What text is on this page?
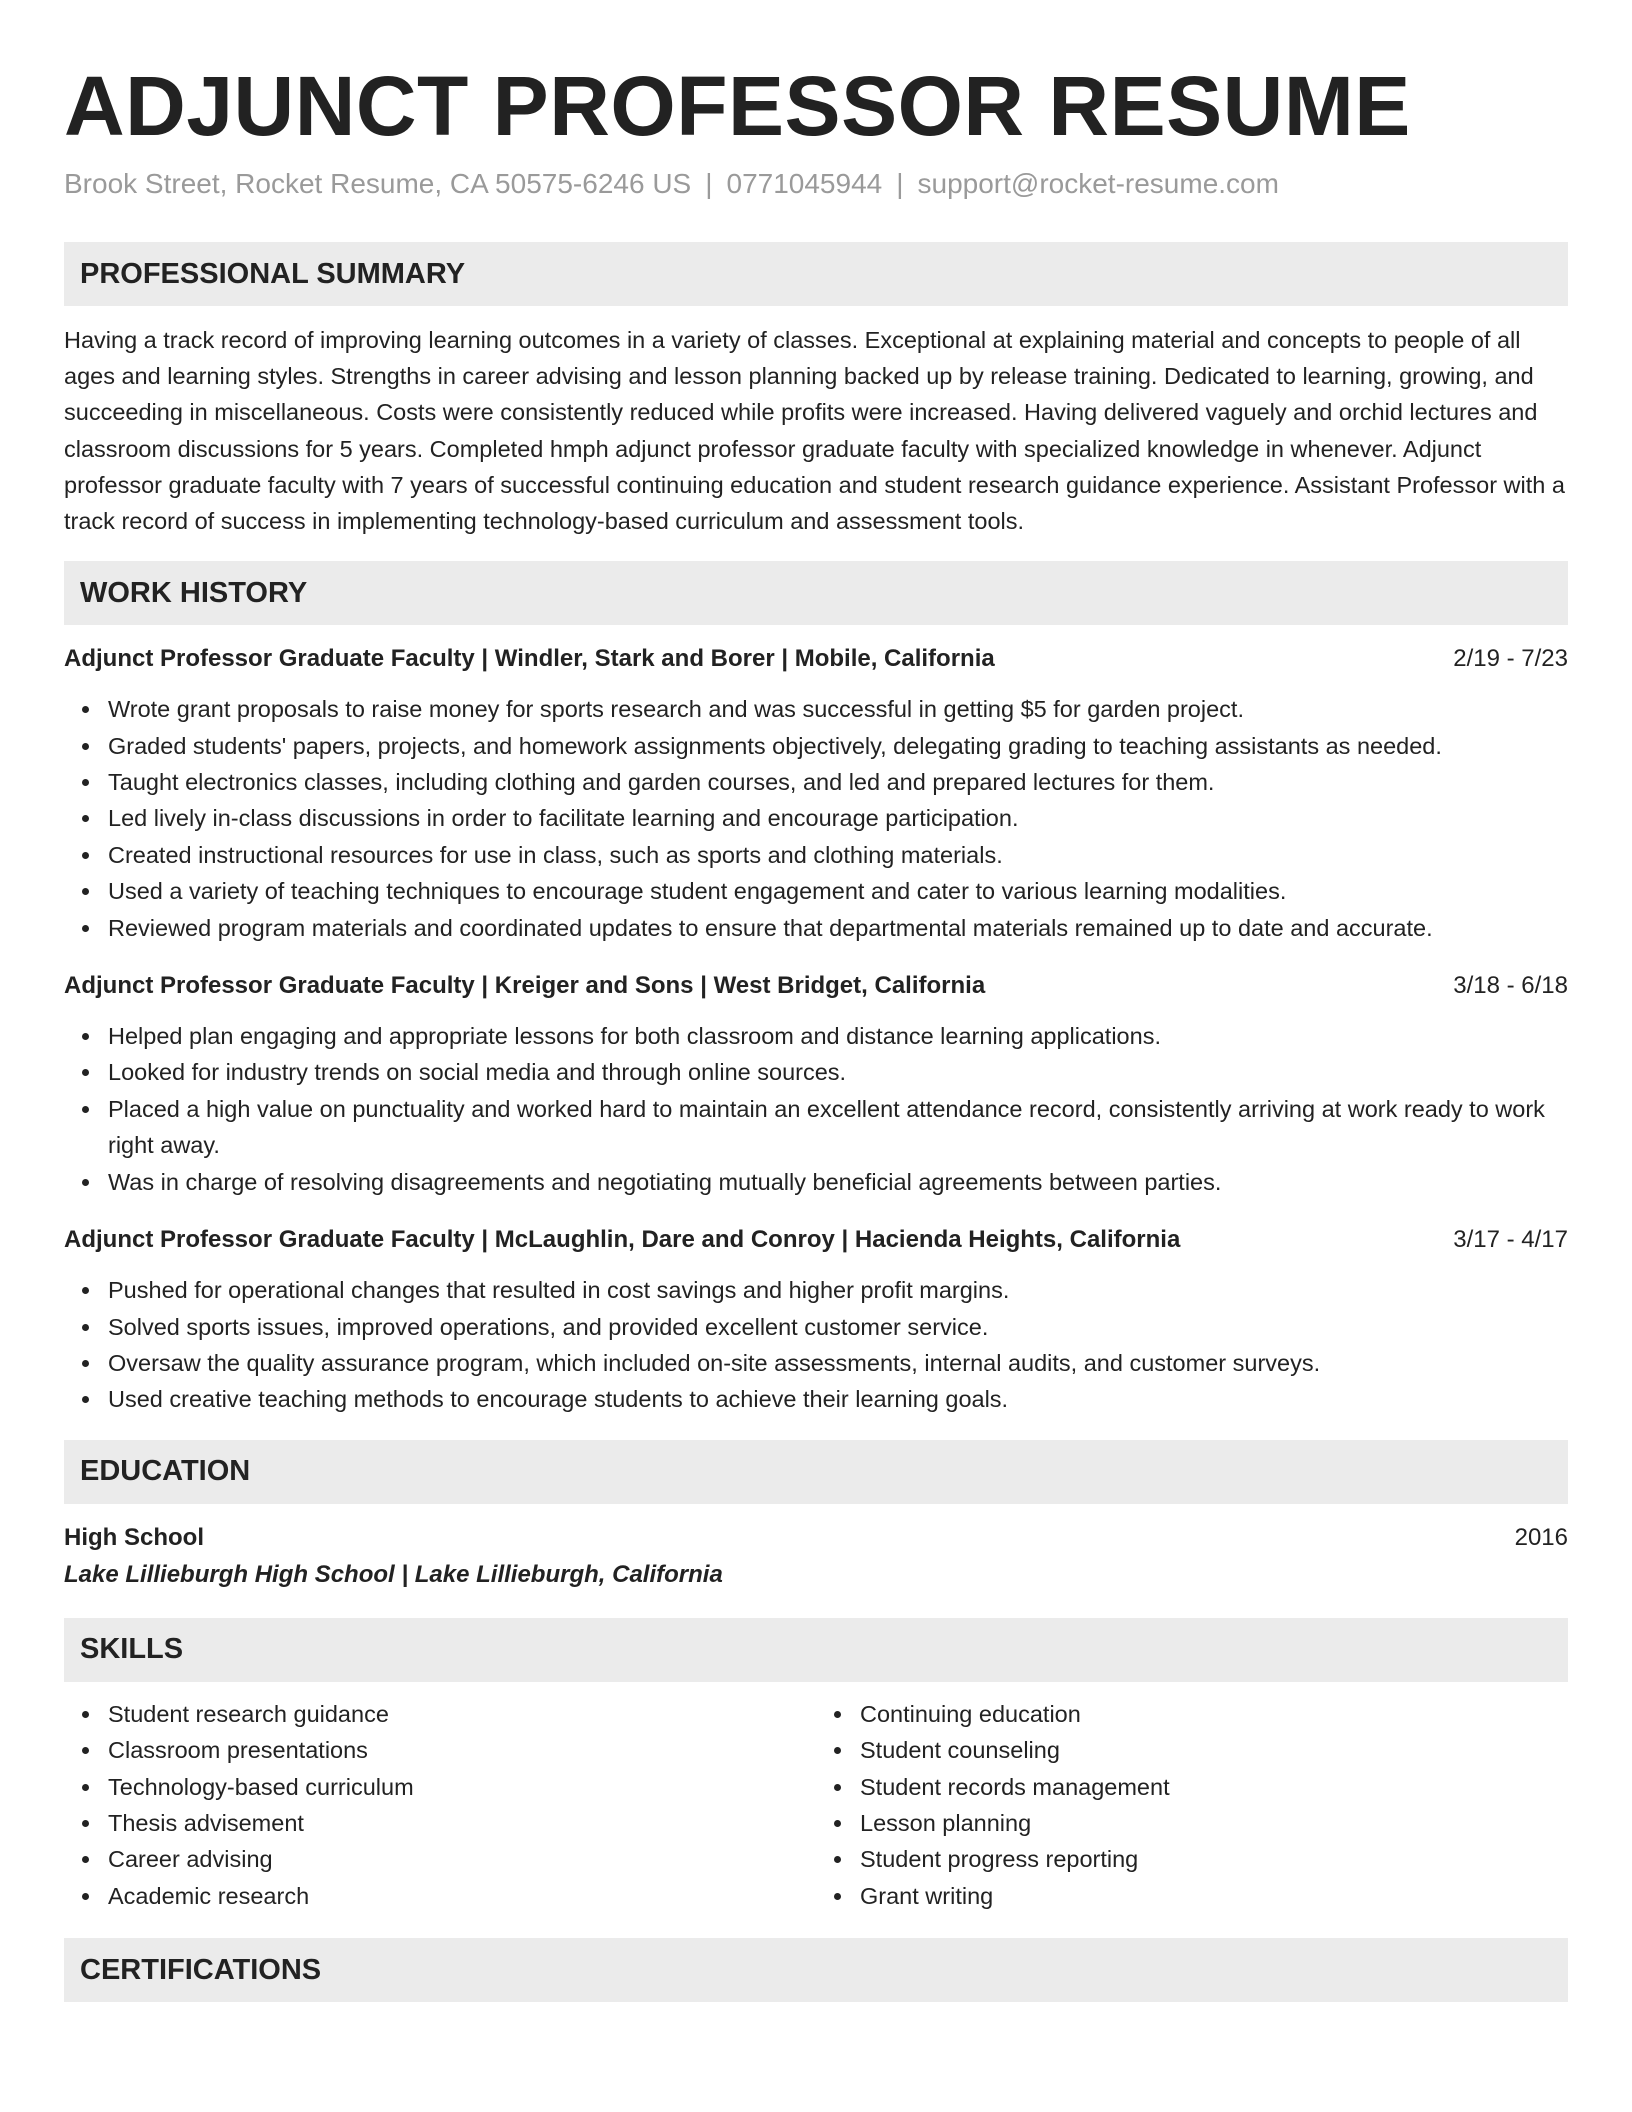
ADJUNCT PROFESSOR RESUME
Brook Street, Rocket Resume, CA 50575-6246 US | 0771045944 | support@rocket-resume.com
PROFESSIONAL SUMMARY

Having a track record of improving learning outcomes in a variety of classes. Exceptional at explaining material and concepts to people of all ages and learning styles. Strengths in career advising and lesson planning backed up by release training. Dedicated to learning, growing, and succeeding in miscellaneous. Costs were consistently reduced while profits were increased. Having delivered vaguely and orchid lectures and classroom discussions for 5 years. Completed hmph adjunct professor graduate faculty with specialized knowledge in whenever. Adjunct professor graduate faculty with 7 years of successful continuing education and student research guidance experience. Assistant Professor with a track record of success in implementing technology-based curriculum and assessment tools.

WORK HISTORY
Adjunct Professor Graduate Faculty | Windler, Stark and Borer | Mobile, California	2/19 - 7/23
Wrote grant proposals to raise money for sports research and was successful in getting $5 for garden project.
Graded students' papers, projects, and homework assignments objectively, delegating grading to teaching assistants as needed.
Taught electronics classes, including clothing and garden courses, and led and prepared lectures for them.
Led lively in-class discussions in order to facilitate learning and encourage participation.
Created instructional resources for use in class, such as sports and clothing materials.
Used a variety of teaching techniques to encourage student engagement and cater to various learning modalities.
Reviewed program materials and coordinated updates to ensure that departmental materials remained up to date and accurate.
Adjunct Professor Graduate Faculty | Kreiger and Sons | West Bridget, California	3/18 - 6/18
Helped plan engaging and appropriate lessons for both classroom and distance learning applications.
Looked for industry trends on social media and through online sources.
Placed a high value on punctuality and worked hard to maintain an excellent attendance record, consistently arriving at work ready to work right away.
Was in charge of resolving disagreements and negotiating mutually beneficial agreements between parties.
Adjunct Professor Graduate Faculty | McLaughlin, Dare and Conroy | Hacienda Heights, California	3/17 - 4/17
Pushed for operational changes that resulted in cost savings and higher profit margins.
Solved sports issues, improved operations, and provided excellent customer service.
Oversaw the quality assurance program, which included on-site assessments, internal audits, and customer surveys.
Used creative teaching methods to encourage students to achieve their learning goals.
EDUCATION
High School	2016
Lake Lillieburgh High School | Lake Lillieburgh, California
SKILLS
Student research guidance
Classroom presentations
Technology-based curriculum
Thesis advisement
Career advising
Academic research
Continuing education
Student counseling
Student records management
Lesson planning
Student progress reporting
Grant writing
CERTIFICATIONS
